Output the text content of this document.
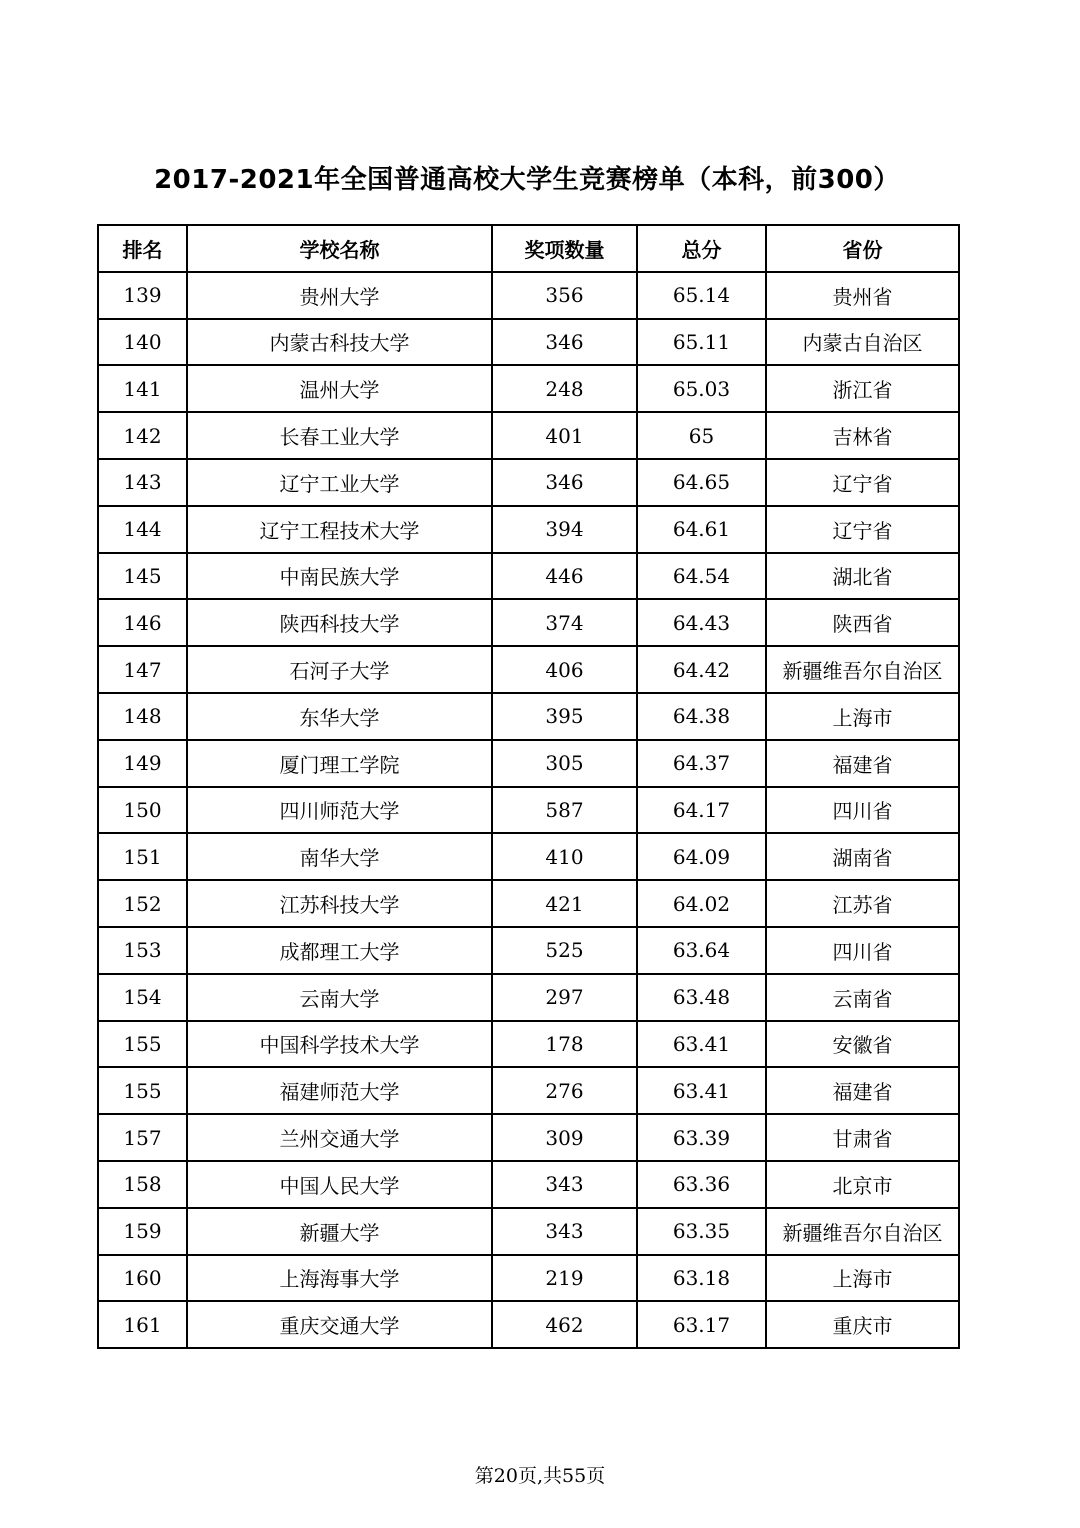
2017-2021年全国普通高校大学生竞赛榜单（本科，前300）
排名	学校名称	奖项数量	总分	省份
139	贵州大学	356	65.14	贵州省
140	内蒙古科技大学	346	65.11	内蒙古自治区
141	温州大学	248	65.03	浙江省
142	长春工业大学	401	65	吉林省
143	辽宁工业大学	346	64.65	辽宁省
144	辽宁工程技术大学	394	64.61	辽宁省
145	中南民族大学	446	64.54	湖北省
146	陕西科技大学	374	64.43	陕西省
147	石河子大学	406	64.42	新疆维吾尔自治区
148	东华大学	395	64.38	上海市
149	厦门理工学院	305	64.37	福建省
150	四川师范大学	587	64.17	四川省
151	南华大学	410	64.09	湖南省
152	江苏科技大学	421	64.02	江苏省
153	成都理工大学	525	63.64	四川省
154	云南大学	297	63.48	云南省
155	中国科学技术大学	178	63.41	安徽省
155	福建师范大学	276	63.41	福建省
157	兰州交通大学	309	63.39	甘肃省
158	中国人民大学	343	63.36	北京市
159	新疆大学	343	63.35	新疆维吾尔自治区
160	上海海事大学	219	63.18	上海市
161	重庆交通大学	462	63.17	重庆市
第20页,共55页
